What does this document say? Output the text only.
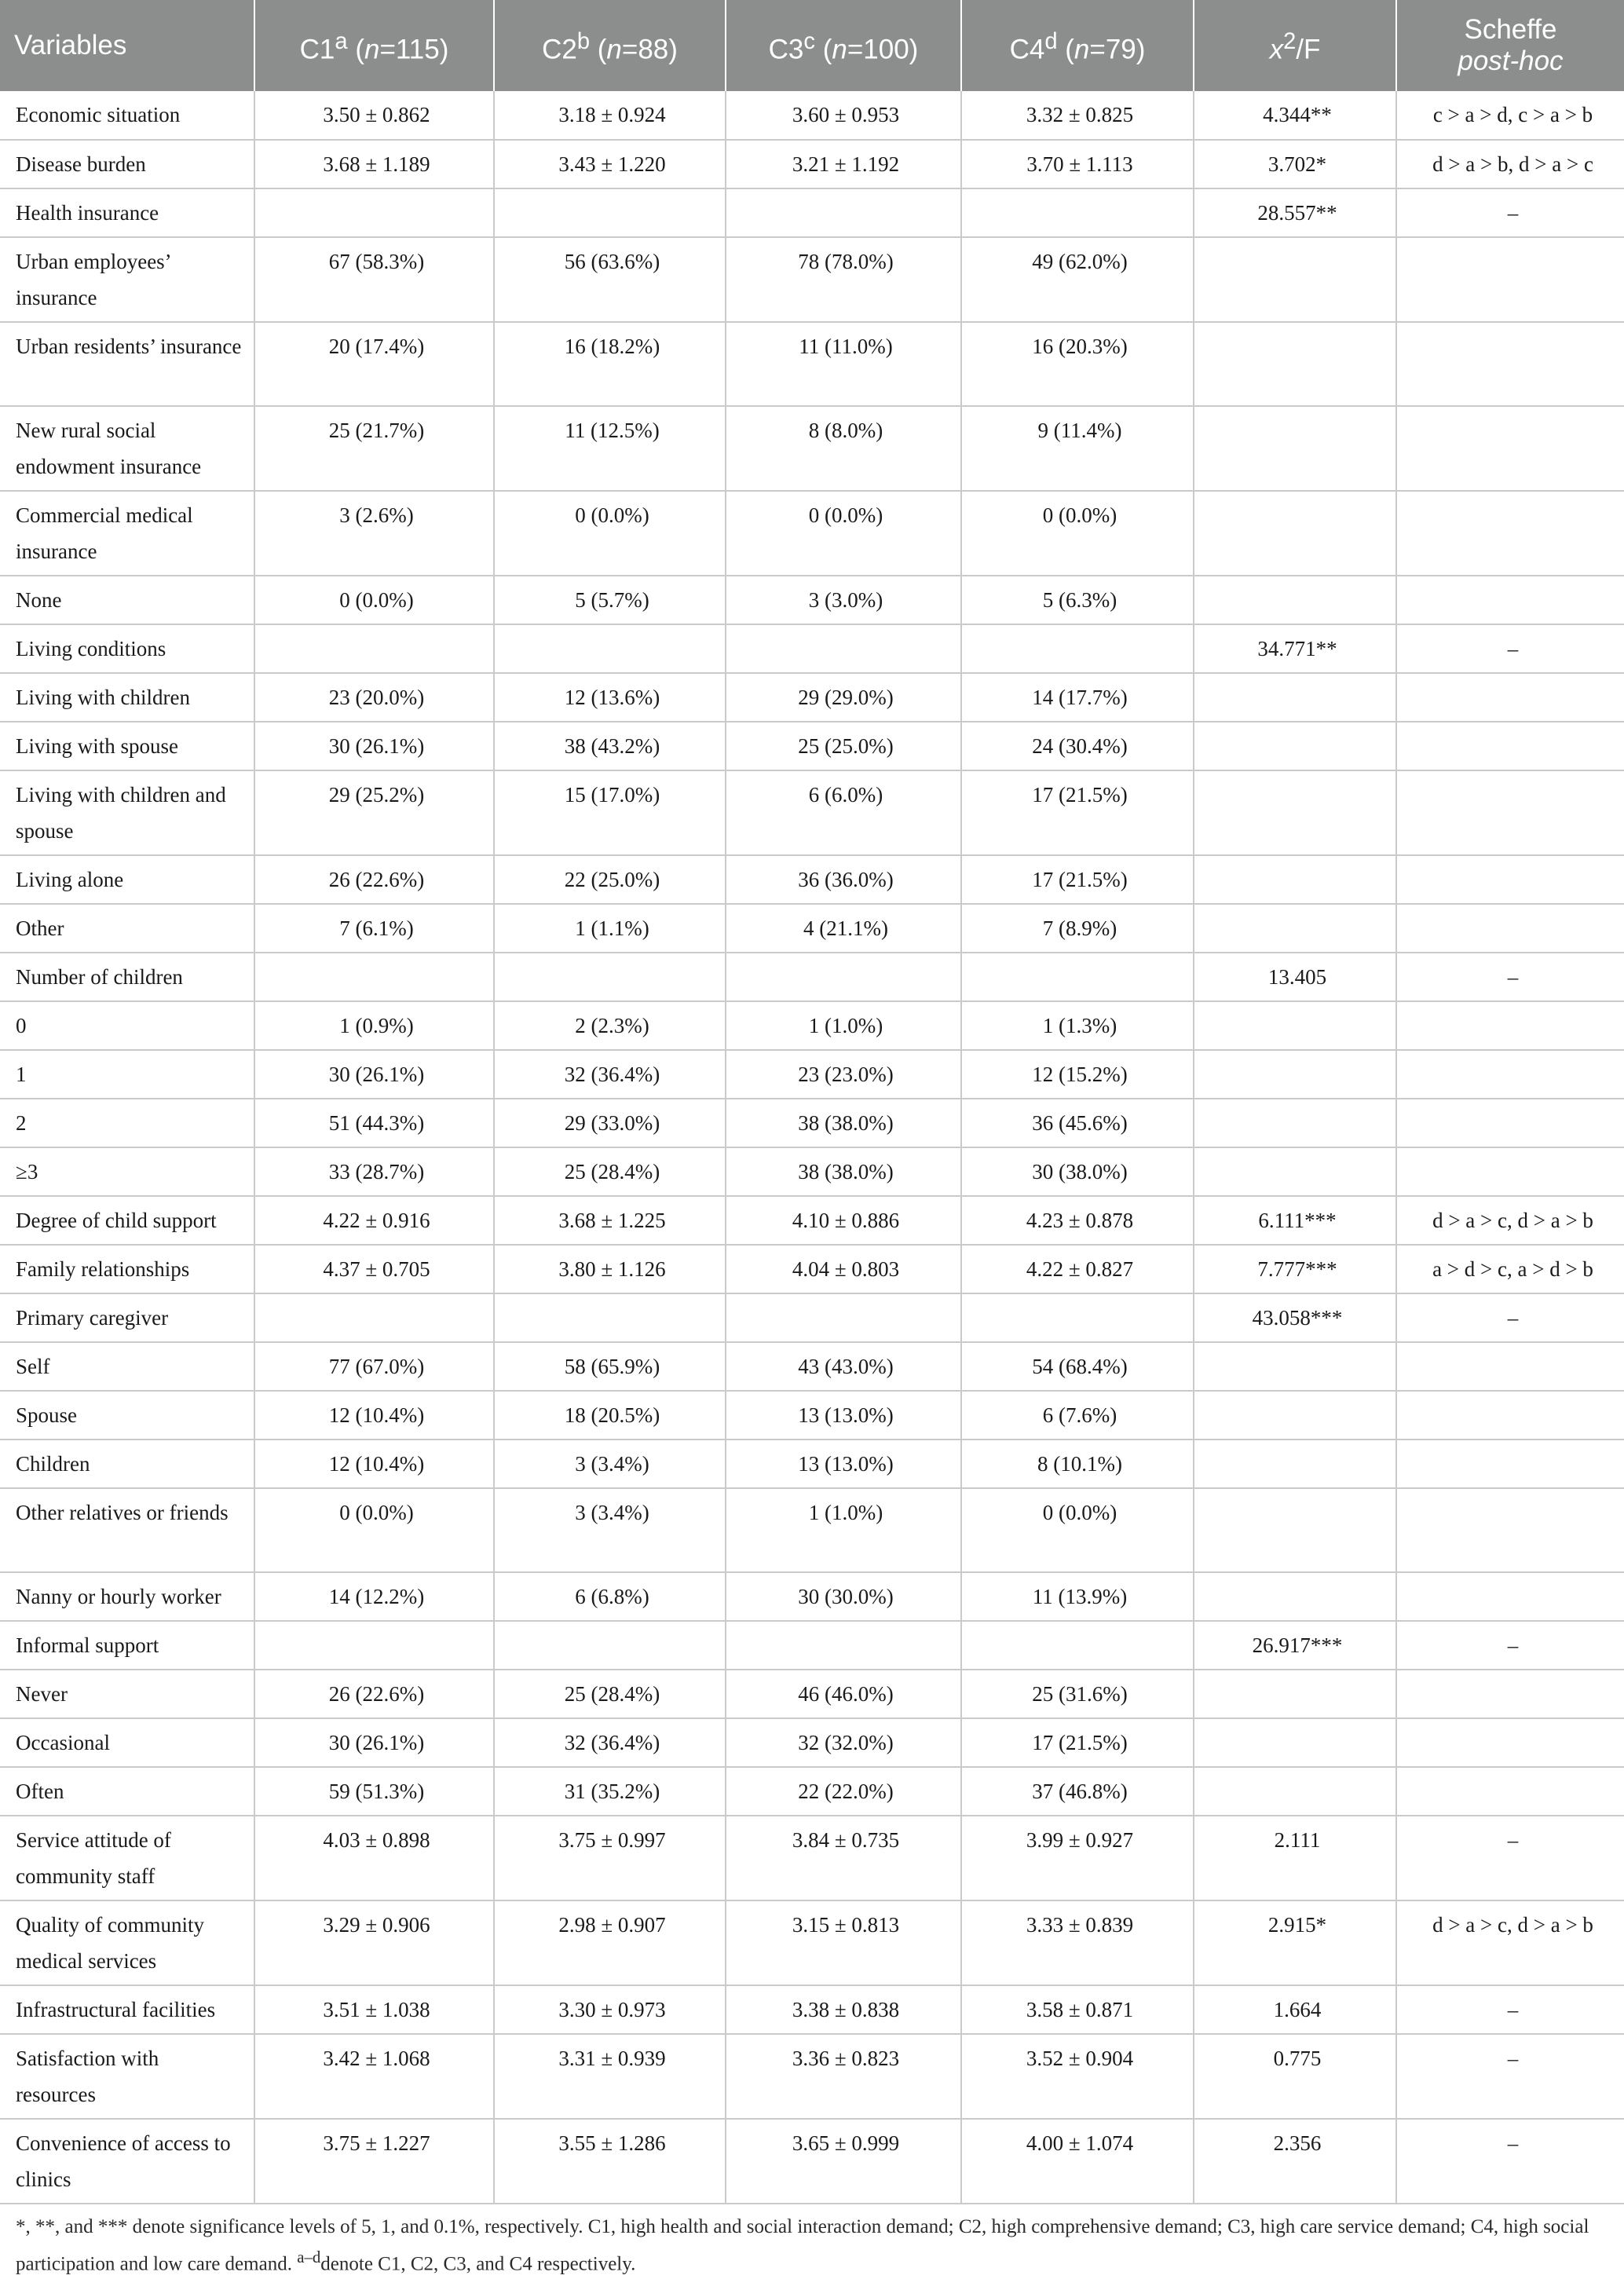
Variables	C1$^a$ (n=115)	C2$^b$ (n=88)	C3$^c$ (n=100)	C4$^d$ (n=79)	$x^2/F$	Scheffe
post-hoc

Economic situation	3.50 ± 0.862	3.18 ± 0.924	3.60 ± 0.953	3.32 ± 0.825	4.344**	c > a > d, c > a > b
Disease burden	3.68 ± 1.189	3.43 ± 1.220	3.21 ± 1.192	3.70 ± 1.113	3.702*	d > a > b, d > a > c
Health insurance					28.557**	–
Urban employees’ insurance	67 (58.3%)	56 (63.6%)	78 (78.0%)	49 (62.0%)		
Urban residents’ insurance	20 (17.4%)	16 (18.2%)	11 (11.0%)	16 (20.3%)		
New rural social endowment insurance	25 (21.7%)	11 (12.5%)	8 (8.0%)	9 (11.4%)		
Commercial medical insurance	3 (2.6%)	0 (0.0%)	0 (0.0%)	0 (0.0%)		
None	0 (0.0%)	5 (5.7%)	3 (3.0%)	5 (6.3%)		
Living conditions					34.771**	–
Living with children	23 (20.0%)	12 (13.6%)	29 (29.0%)	14 (17.7%)		
Living with spouse	30 (26.1%)	38 (43.2%)	25 (25.0%)	24 (30.4%)		
Living with children and spouse	29 (25.2%)	15 (17.0%)	6 (6.0%)	17 (21.5%)		
Living alone	26 (22.6%)	22 (25.0%)	36 (36.0%)	17 (21.5%)		
Other	7 (6.1%)	1 (1.1%)	4 (21.1%)	7 (8.9%)		
Number of children					13.405	–
0	1 (0.9%)	2 (2.3%)	1 (1.0%)	1 (1.3%)		
1	30 (26.1%)	32 (36.4%)	23 (23.0%)	12 (15.2%)		
2	51 (44.3%)	29 (33.0%)	38 (38.0%)	36 (45.6%)		
≥3	33 (28.7%)	25 (28.4%)	38 (38.0%)	30 (38.0%)		
Degree of child support	4.22 ± 0.916	3.68 ± 1.225	4.10 ± 0.886	4.23 ± 0.878	6.111***	d > a > c, d > a > b
Family relationships	4.37 ± 0.705	3.80 ± 1.126	4.04 ± 0.803	4.22 ± 0.827	7.777***	a > d > c, a > d > b
Primary caregiver					43.058***	–
Self	77 (67.0%)	58 (65.9%)	43 (43.0%)	54 (68.4%)		
Spouse	12 (10.4%)	18 (20.5%)	13 (13.0%)	6 (7.6%)		
Children	12 (10.4%)	3 (3.4%)	13 (13.0%)	8 (10.1%)		
Other relatives or friends	0 (0.0%)	3 (3.4%)	1 (1.0%)	0 (0.0%)		
Nanny or hourly worker	14 (12.2%)	6 (6.8%)	30 (30.0%)	11 (13.9%)		
Informal support					26.917***	–
Never	26 (22.6%)	25 (28.4%)	46 (46.0%)	25 (31.6%)		
Occasional	30 (26.1%)	32 (36.4%)	32 (32.0%)	17 (21.5%)		
Often	59 (51.3%)	31 (35.2%)	22 (22.0%)	37 (46.8%)		
Service attitude of community staff	4.03 ± 0.898	3.75 ± 0.997	3.84 ± 0.735	3.99 ± 0.927	2.111	–
Quality of community medical services	3.29 ± 0.906	2.98 ± 0.907	3.15 ± 0.813	3.33 ± 0.839	2.915*	d > a > c, d > a > b
Infrastructural facilities	3.51 ± 1.038	3.30 ± 0.973	3.38 ± 0.838	3.58 ± 0.871	1.664	–
Satisfaction with resources	3.42 ± 1.068	3.31 ± 0.939	3.36 ± 0.823	3.52 ± 0.904	0.775	–
Convenience of access to clinics	3.75 ± 1.227	3.55 ± 1.286	3.65 ± 0.999	4.00 ± 1.074	2.356	–

*, **, and *** denote significance levels of 5, 1, and 0.1%, respectively. C1, high health and social interaction demand; C2, high comprehensive demand; C3, high care service demand; C4, high social participation and low care demand. $^{a-d}$denote C1, C2, C3, and C4 respectively.
